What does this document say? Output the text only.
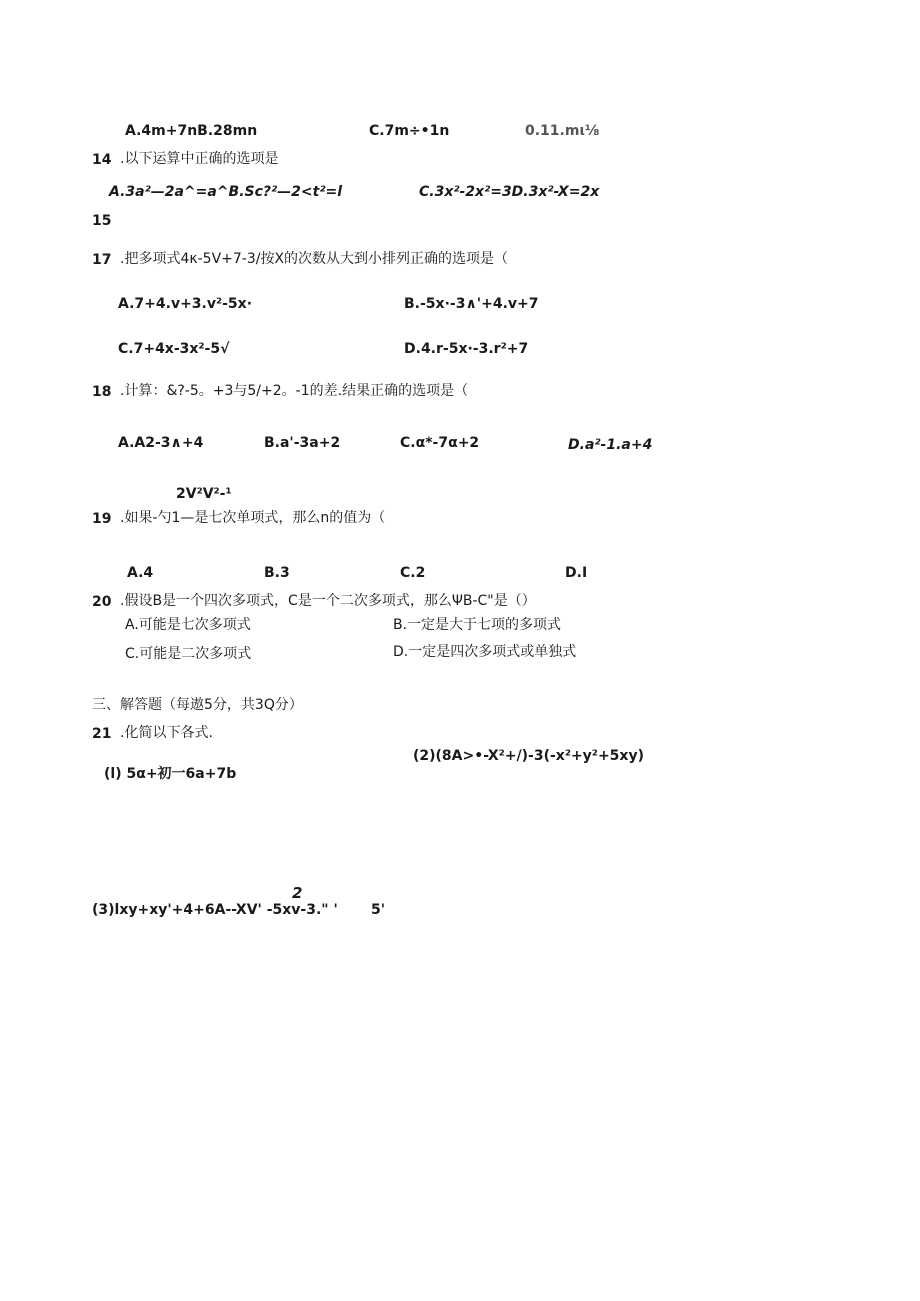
A.4m+7nB.28mn	C.7m÷•1n	0.11.mι⅛
14 .以下运算中正确的选项是
A.3a²—2a^=a^B.Sc?²—2<t²=l	C.3x²-2x²=3D.3x²-X=2x
15
17 .把多项式4κ-5V+7-3/按X的次数从大到小排列正确的选项是（
A.7+4.v+3.v²-5x·	B.-5x·-3∧'+4.v+7
C.7+4x-3x²-5√	D.4.r-5x·-3.r²+7
18 .计算：&?-5。+3与5/+2。-1的差.结果正确的选项是（
A.A2-3∧+4	B.a'-3a+2	C.α*-7α+2	D.a²-1.a+4
2V²V²-¹
19 .如果-勺1—是七次单项式，那么n的值为（
A.4	B.3	C.2	D.I
20 .假设B是一个四次多项式，C是一个二次多项式，那么ΨB-C"是（）
A.可能是七次多项式	B.一定是大于七项的多项式
C.可能是二次多项式	D.一定是四次多项式或单独式
三、解答题（每遨5分，共3Q分）
21 .化简以下各式.
(2)(8A>•-X²+/)-3(-x²+y²+5xy)
(l) 5α+初一6a+7b
2
(3)lxy+xy'+4+6A--XV' -5xv-3." ' 5'
